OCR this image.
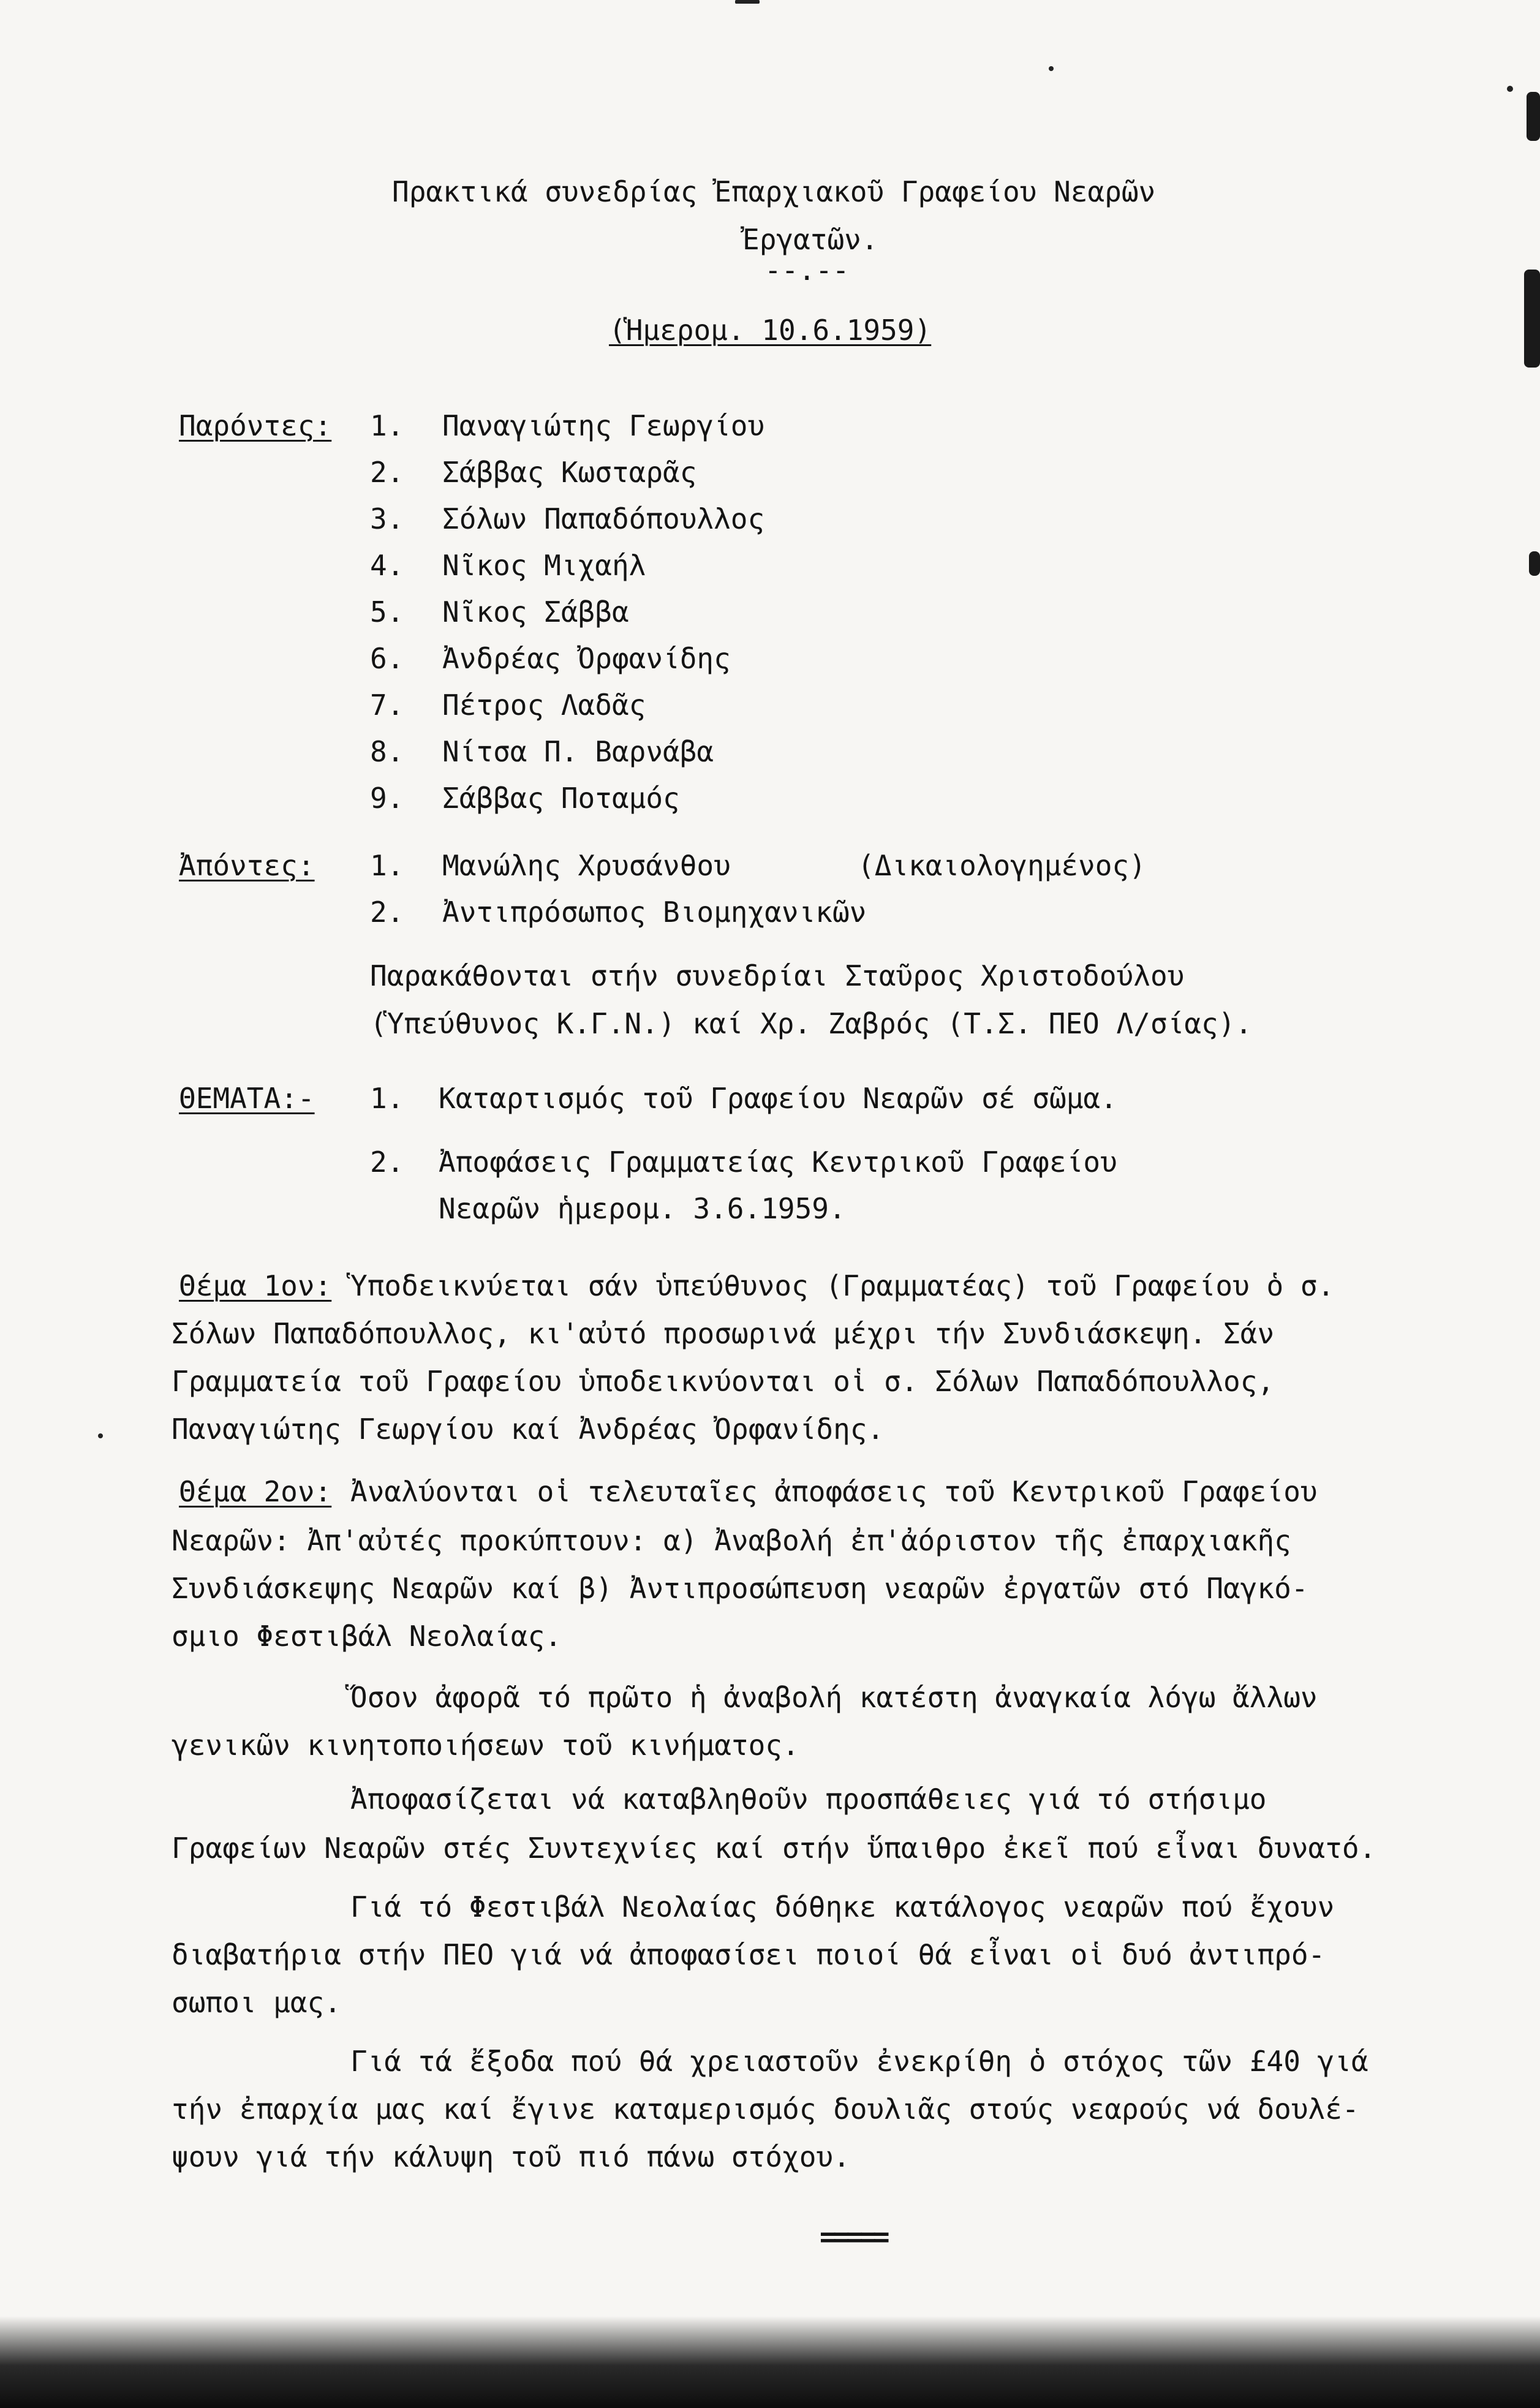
Πρακτικά συνεδρίας Ἐπαρχιακοῦ Γραφείου Νεαρῶν
Ἐργατῶν.
--.--
(Ἡμερομ. 10.6.1959)
Παρόντες: 1. Παναγιώτης Γεωργίου
2. Σάββας Κωσταρᾶς
3. Σόλων Παπαδόπουλλος
4. Νῖκος Μιχαήλ
5. Νῖκος Σάββα
6. Ἀνδρέας Ὀρφανίδης
7. Πέτρος Λαδᾶς
8. Νίτσα Π. Βαρνάβα
9. Σάββας Ποταμός
Ἀπόντες: 1. Μανώλης Χρυσάνθου	(Δικαιολογημένος)
2. Ἀντιπρόσωπος Βιομηχανικῶν
Παρακάθονται στήν συνεδρίαι Σταῦρος Χριστοδούλου
(Ὑπεύθυνος Κ.Γ.Ν.) καί Χρ. Ζαβρός (Τ.Σ. ΠΕΟ Λ/σίας).
ΘΕΜΑΤΑ:- 1. Καταρτισμός τοῦ Γραφείου Νεαρῶν σέ σῶμα.
2. Ἀποφάσεις Γραμματείας Κεντρικοῦ Γραφείου
Νεαρῶν ἡμερομ. 3.6.1959.
Θέμα 1ον: Ὑποδεικνύεται σάν ὑπεύθυνος (Γραμματέας) τοῦ Γραφείου ὁ σ.
Σόλων Παπαδόπουλλος, κι'αὐτό προσωρινά μέχρι τήν Συνδιάσκεψη. Σάν
Γραμματεία τοῦ Γραφείου ὑποδεικνύονται οἱ σ. Σόλων Παπαδόπουλλος,
Παναγιώτης Γεωργίου καί Ἀνδρέας Ὀρφανίδης.
Θέμα 2ον: Ἀναλύονται οἱ τελευταῖες ἀποφάσεις τοῦ Κεντρικοῦ Γραφείου
Νεαρῶν: Ἀπ'αὐτές προκύπτουν: α) Ἀναβολή ἐπ'ἀόριστον τῆς ἐπαρχιακῆς
Συνδιάσκεψης Νεαρῶν καί β) Ἀντιπροσώπευση νεαρῶν ἐργατῶν στό Παγκό-
σμιο Φεστιβάλ Νεολαίας.
Ὅσον ἀφορᾶ τό πρῶτο ἡ ἀναβολή κατέστη ἀναγκαία λόγω ἄλλων
γενικῶν κινητοποιήσεων τοῦ κινήματος.
Ἀποφασίζεται νά καταβληθοῦν προσπάθειες γιά τό στήσιμο
Γραφείων Νεαρῶν στές Συντεχνίες καί στήν ὕπαιθρο ἐκεῖ πού εἶναι δυνατό.
Γιά τό Φεστιβάλ Νεολαίας δόθηκε κατάλογος νεαρῶν πού ἔχουν
διαβατήρια στήν ΠΕΟ γιά νά ἀποφασίσει ποιοί θά εἶναι οἱ δυό ἀντιπρό-
σωποι μας.
Γιά τά ἔξοδα πού θά χρειαστοῦν ἐνεκρίθη ὁ στόχος τῶν £40 γιά
τήν ἐπαρχία μας καί ἔγινε καταμερισμός δουλιᾶς στούς νεαρούς νά δουλέ-
ψουν γιά τήν κάλυψη τοῦ πιό πάνω στόχου.
=====
